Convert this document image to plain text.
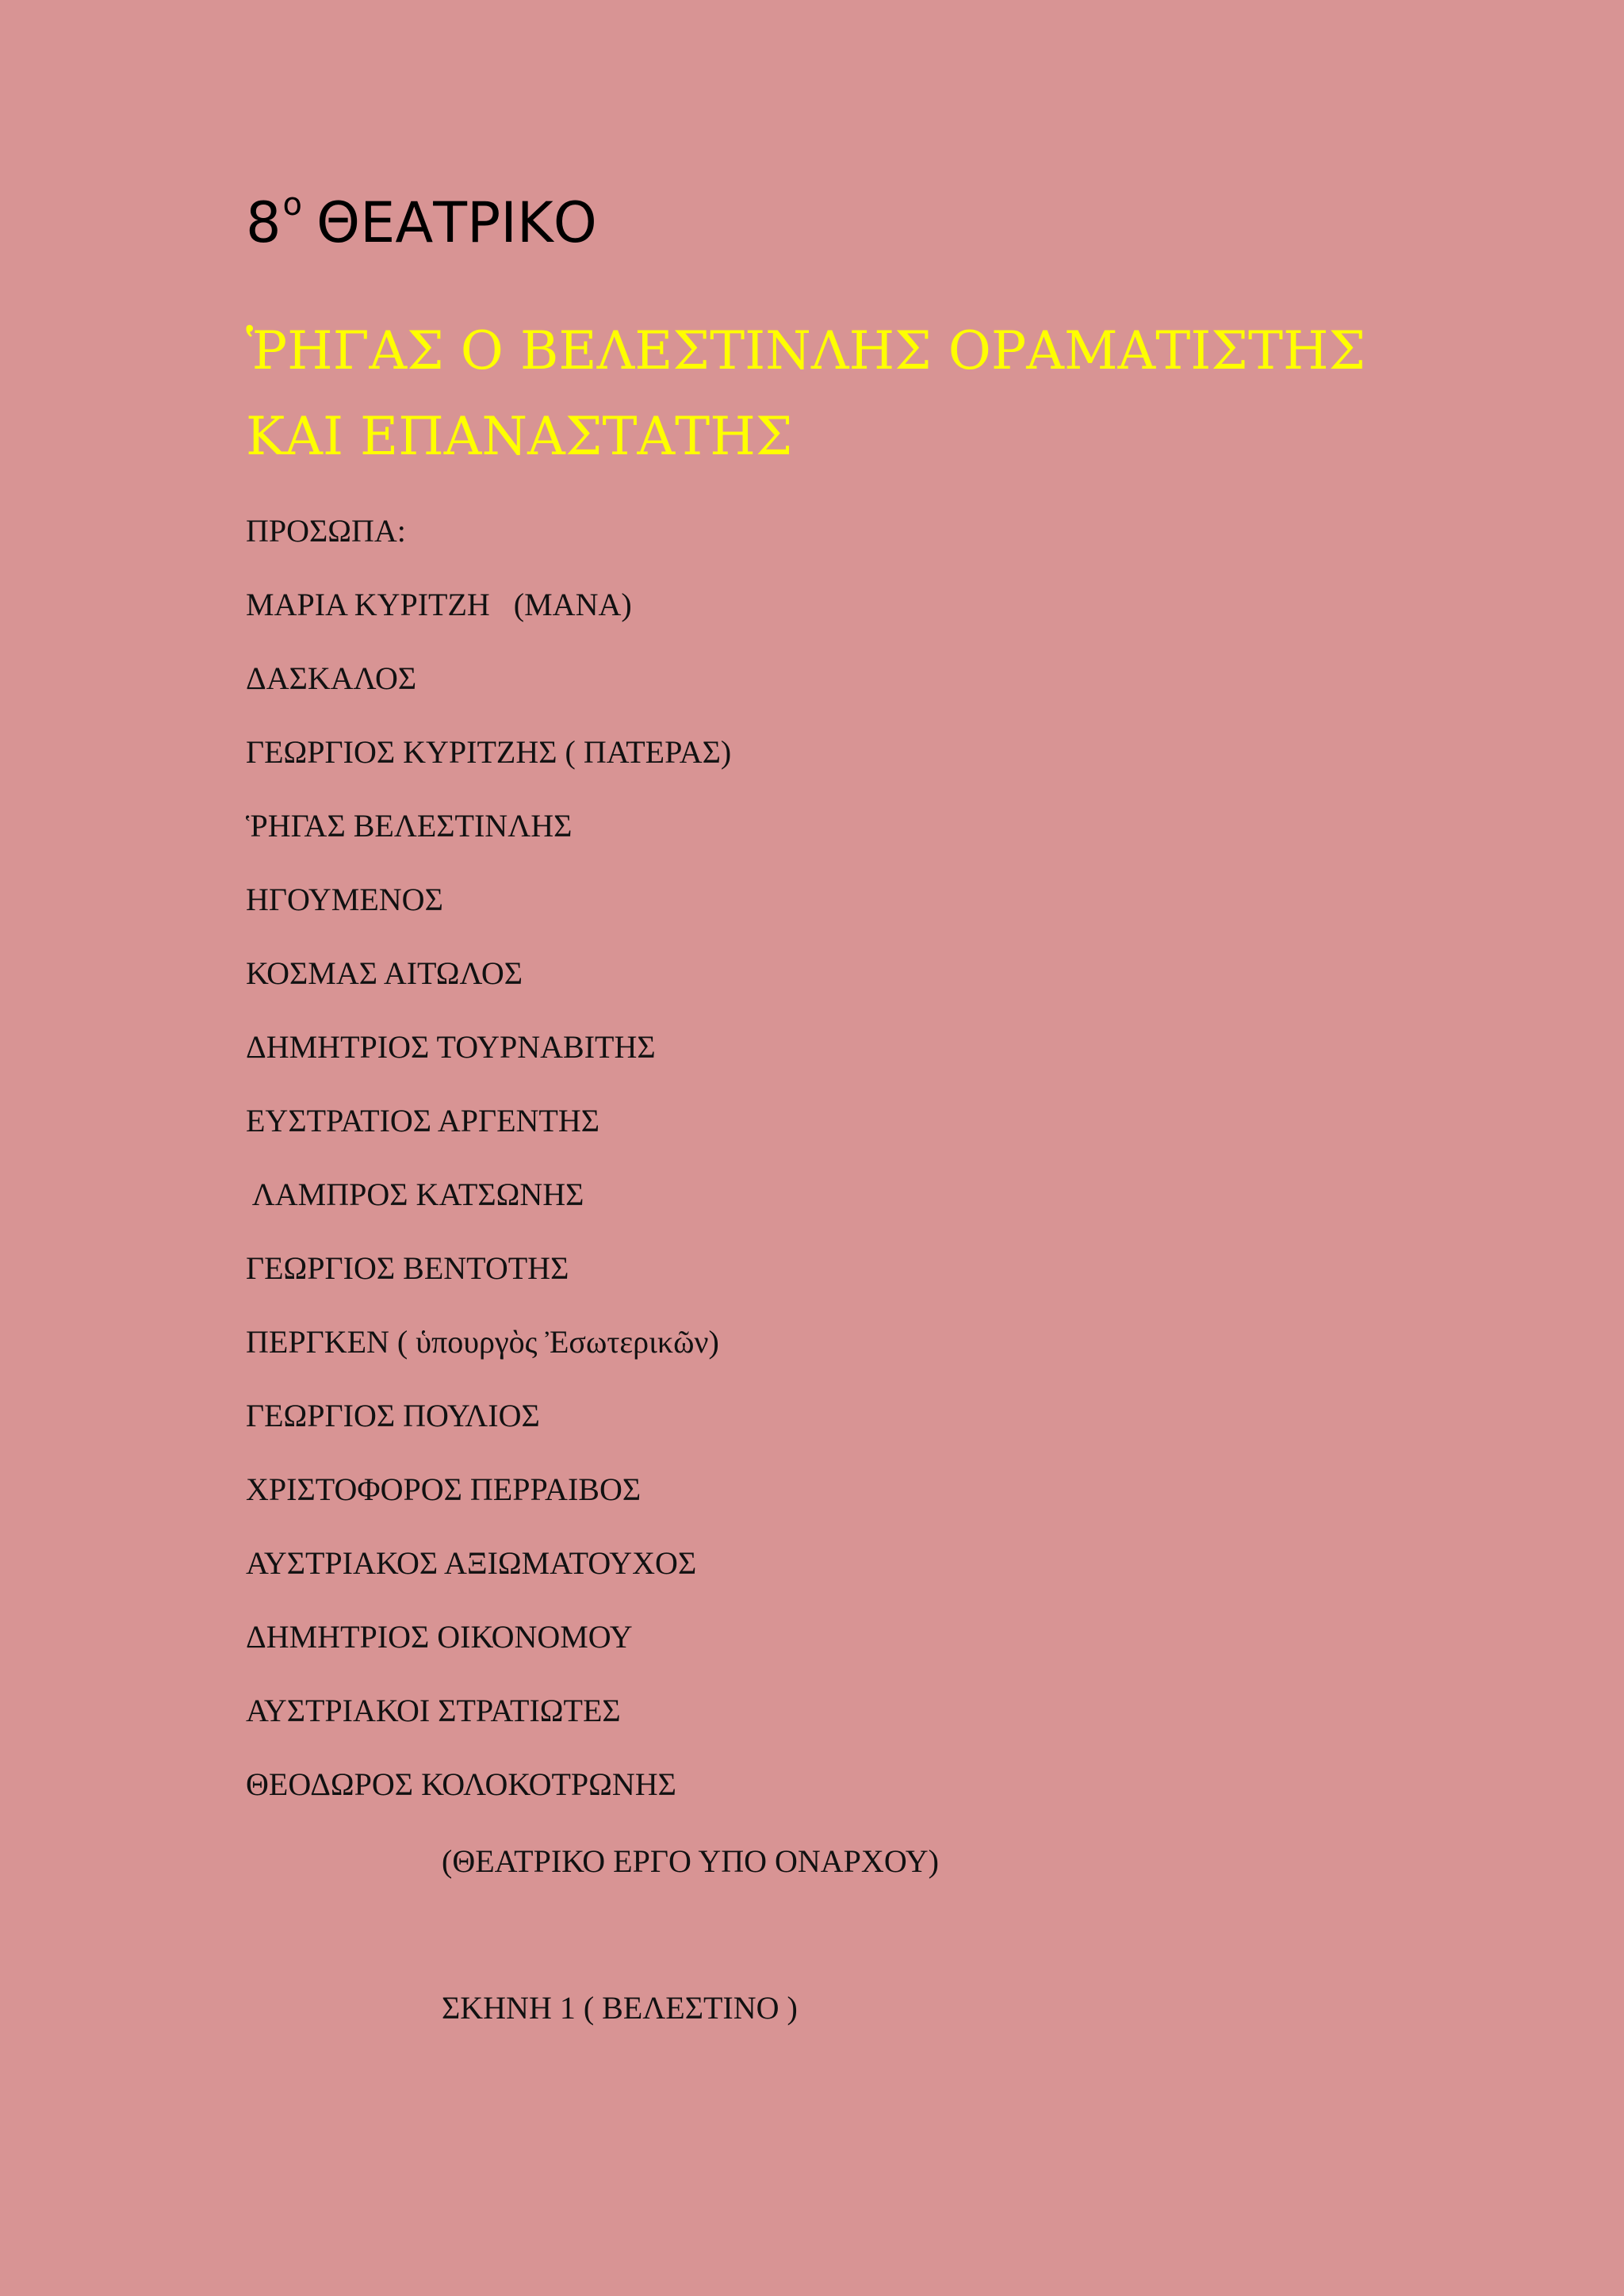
$8^o$ ΘΕΑΤΡΙΚΟ
ῬΗΓΑΣ Ο ΒΕΛΕΣΤΙΝΛΗΣ ΟΡΑΜΑΤΙΣΤΗΣ
ΚΑΙ ΕΠΑΝΑΣΤΑΤΗΣ
ΠΡΟΣΩΠΑ:
ΜΑΡΙΑ ΚΥΡΙΤΖΗ   (ΜΑΝΑ)
ΔΑΣΚΑΛΟΣ
ΓΕΩΡΓΙΟΣ ΚΥΡΙΤΖΗΣ ( ΠΑΤΕΡΑΣ)
ῬΗΓΑΣ ΒΕΛΕΣΤΙΝΛΗΣ
ΗΓΟΥΜΕΝΟΣ
ΚΟΣΜΑΣ ΑΙΤΩΛΟΣ
ΔΗΜΗΤΡΙΟΣ ΤΟΥΡΝΑΒΙΤΗΣ
ΕΥΣΤΡΑΤΙΟΣ ΑΡΓΕΝΤΗΣ
ΛΑΜΠΡΟΣ ΚΑΤΣΩΝΗΣ
ΓΕΩΡΓΙΟΣ ΒΕΝΤΟΤΗΣ
ΠΕΡΓΚΕΝ ( ὑπουργὸς Ἐσωτερικῶν)
ΓΕΩΡΓΙΟΣ ΠΟΥΛΙΟΣ
ΧΡΙΣΤΟΦΟΡΟΣ ΠΕΡΡΑΙΒΟΣ
ΑΥΣΤΡΙΑΚΟΣ ΑΞΙΩΜΑΤΟΥΧΟΣ
ΔΗΜΗΤΡΙΟΣ ΟΙΚΟΝΟΜΟΥ
ΑΥΣΤΡΙΑΚΟΙ ΣΤΡΑΤΙΩΤΕΣ
ΘΕΟΔΩΡΟΣ ΚΟΛΟΚΟΤΡΩΝΗΣ
(ΘΕΑΤΡΙΚΟ ΕΡΓΟ ΥΠΟ ΟΝΑΡΧΟΥ)
ΣΚΗΝΗ 1 ( ΒΕΛΕΣΤΙΝΟ )
